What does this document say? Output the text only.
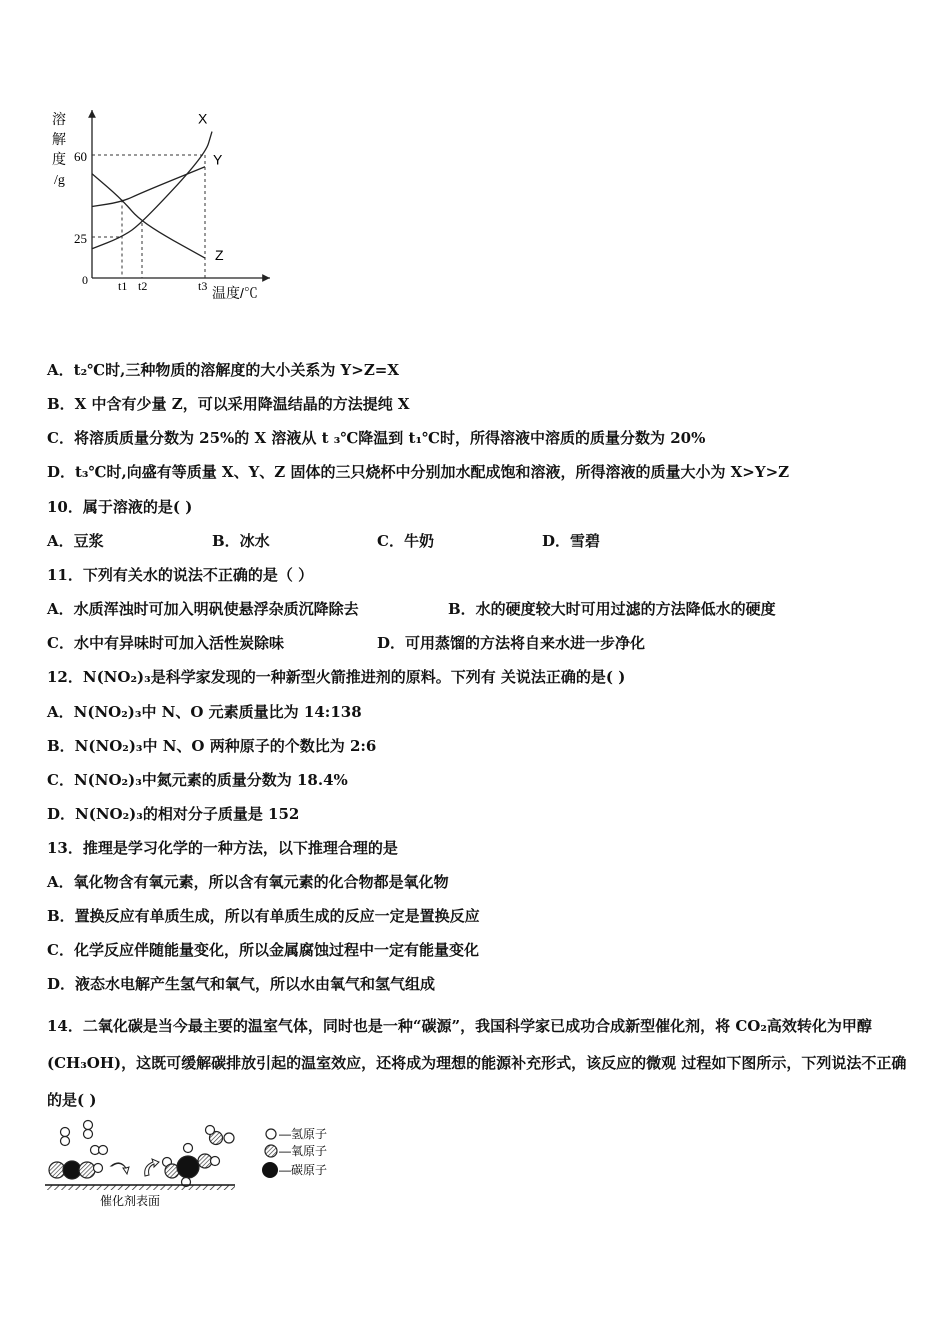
溶解度/g
0
60
25
t1 t2	t3 温度/℃
X
Y
Z
A．t₂℃时,三种物质的溶解度的大小关系为 Y>Z=X
B．X 中含有少量 Z，可以采用降温结晶的方法提纯 X
C．将溶质质量分数为 25%的 X 溶液从 t ₃℃降温到 t₁℃时，所得溶液中溶质的质量分数为 20%
D．t₃℃时,向盛有等质量 X、Y、Z 固体的三只烧杯中分别加水配成饱和溶液，所得溶液的质量大小为 X>Y>Z
10．属于溶液的是( )
A．豆浆	B．冰水	C．牛奶	D．雪碧
11．下列有关水的说法不正确的是（ ）
A．水质浑浊时可加入明矾使悬浮杂质沉降除去	B．水的硬度较大时可用过滤的方法降低水的硬度
C．水中有异味时可加入活性炭除味	D．可用蒸馏的方法将自来水进一步净化
12．N(NO₂)₃是科学家发现的一种新型火箭推进剂的原料。下列有 关说法正确的是( )
A．N(NO₂)₃中 N、O 元素质量比为 14:138
B．N(NO₂)₃中 N、O 两种原子的个数比为 2:6
C．N(NO₂)₃中氮元素的质量分数为 18.4%
D．N(NO₂)₃的相对分子质量是 152
13．推理是学习化学的一种方法，以下推理合理的是
A．氧化物含有氧元素，所以含有氧元素的化合物都是氧化物
B．置换反应有单质生成，所以有单质生成的反应一定是置换反应
C．化学反应伴随能量变化，所以金属腐蚀过程中一定有能量变化
D．液态水电解产生氢气和氧气，所以水由氧气和氢气组成
14．二氧化碳是当今最主要的温室气体，同时也是一种“碳源”，我国科学家已成功合成新型催化剂，将 CO₂高效转化为甲醇(CH₃OH)，这既可缓解碳排放引起的温室效应，还将成为理想的能源补充形式，该反应的微观 过程如下图所示，下列说法不正确的是( )
催化剂表面
—氢原子
—氧原子
—碳原子
